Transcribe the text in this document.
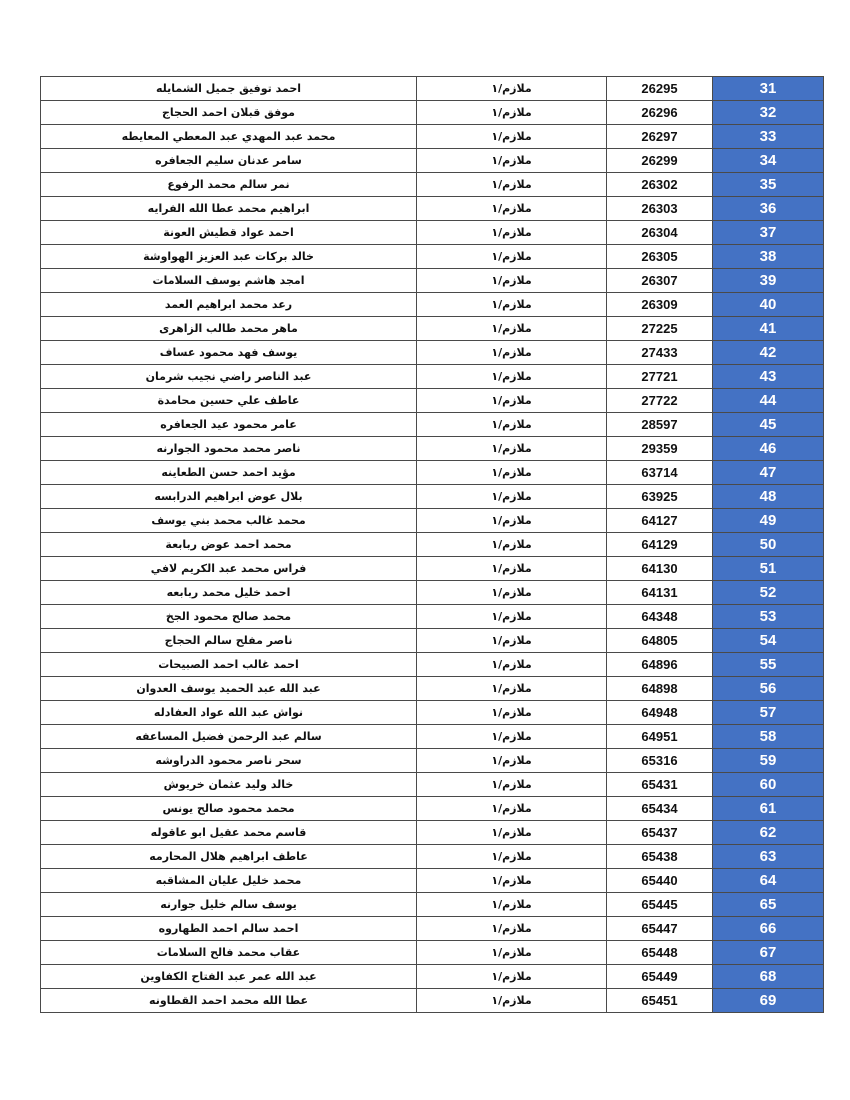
احمد توفيق جميل الشمايله	ملازم/١	26295	31
موفق قبلان احمد الحجاج	ملازم/١	26296	32
محمد عبد المهدي عبد المعطي المعايطه	ملازم/١	26297	33
سامر عدنان سليم الجعافره	ملازم/١	26299	34
نمر سالم محمد الرفوع	ملازم/١	26302	35
ابراهيم محمد عطا الله الفرايه	ملازم/١	26303	36
احمد عواد قطيش العونة	ملازم/١	26304	37
خالد بركات عبد العزيز الهواوشة	ملازم/١	26305	38
امجد هاشم يوسف السلامات	ملازم/١	26307	39
رعد محمد ابراهيم العمد	ملازم/١	26309	40
ماهر محمد طالب الزاهرى	ملازم/١	27225	41
يوسف فهد محمود عساف	ملازم/١	27433	42
عبد الناصر راضي نجيب شرمان	ملازم/١	27721	43
عاطف علي حسين محامدة	ملازم/١	27722	44
عامر محمود عيد الجعافره	ملازم/١	28597	45
ناصر محمد محمود الجوارنه	ملازم/١	29359	46
مؤيد احمد حسن الطعاينه	ملازم/١	63714	47
بلال عوض ابراهيم الدرابسه	ملازم/١	63925	48
محمد غالب محمد بني يوسف	ملازم/١	64127	49
محمد احمد عوض ربابعة	ملازم/١	64129	50
فراس محمد عبد الكريم لافي	ملازم/١	64130	51
احمد خليل محمد ربابعه	ملازم/١	64131	52
محمد صالح محمود الجخ	ملازم/١	64348	53
ناصر مفلح سالم الحجاج	ملازم/١	64805	54
احمد غالب احمد الصبيحات	ملازم/١	64896	55
عبد الله عبد الحميد يوسف العدوان	ملازم/١	64898	56
نواش عبد الله عواد العفادله	ملازم/١	64948	57
سالم عبد الرحمن فضيل المساعفه	ملازم/١	64951	58
سحر ناصر محمود الدراوشه	ملازم/١	65316	59
خالد وليد عثمان خريوش	ملازم/١	65431	60
محمد محمود صالح يونس	ملازم/١	65434	61
قاسم محمد عقيل ابو عاقوله	ملازم/١	65437	62
عاطف ابراهيم هلال المحارمه	ملازم/١	65438	63
محمد خليل عليان المشاقبه	ملازم/١	65440	64
يوسف سالم خليل جوارنه	ملازم/١	65445	65
احمد سالم احمد الطهاروه	ملازم/١	65447	66
عقاب محمد فالح السلامات	ملازم/١	65448	67
عبد الله عمر عبد الفتاح الكفاوين	ملازم/١	65449	68
عطا الله محمد احمد القطاونه	ملازم/١	65451	69
